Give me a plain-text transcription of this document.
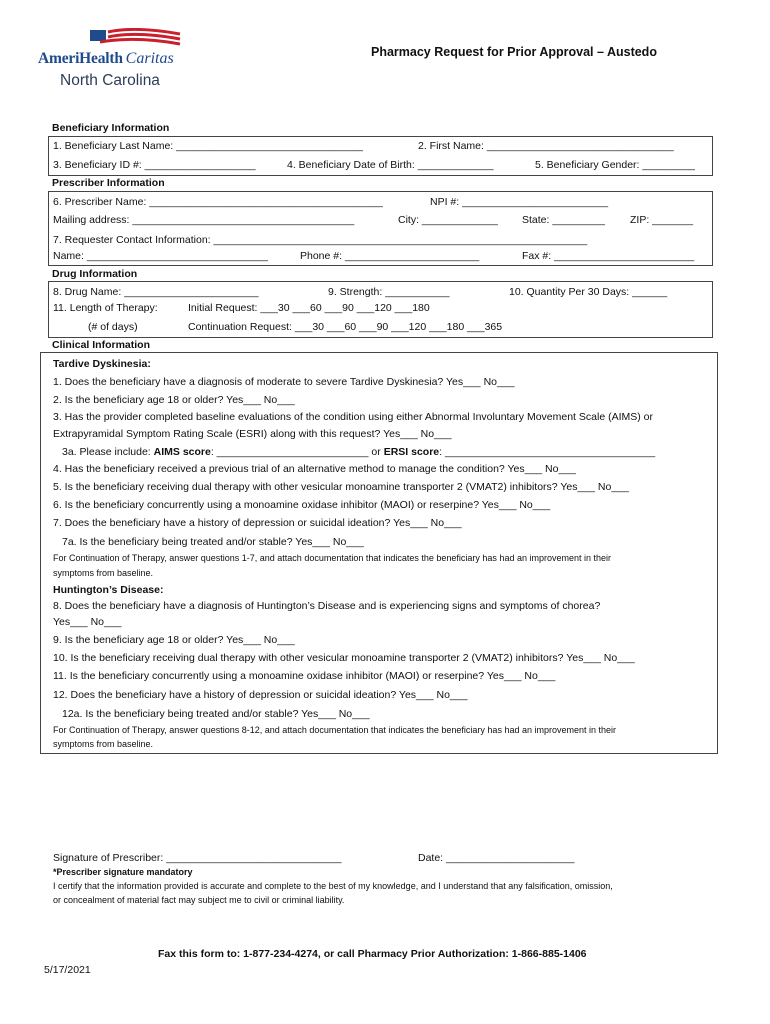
AmeriHealth Caritas
North Carolina
Pharmacy Request for Prior Approval – Austedo
Beneficiary Information
1. Beneficiary Last Name: ________________________________	2. First Name: ________________________________
3. Beneficiary ID #: ___________________	4. Beneficiary Date of Birth: _____________	5. Beneficiary Gender: _________
Prescriber Information
6. Prescriber Name: ________________________________________	NPI #: _________________________
Mailing address: ______________________________________	City: _____________ State: _________ ZIP: _______
7. Requester Contact Information: ________________________________________________________________
Name: _______________________________	Phone #: _______________________	Fax #: ________________________
Drug Information
8. Drug Name: _______________________	9. Strength: ___________	10. Quantity Per 30 Days: ______
11. Length of Therapy:	Initial Request: ___30 ___60 ___90 ___120 ___180
(# of days)	Continuation Request: ___30 ___60 ___90 ___120 ___180 ___365
Clinical Information
Tardive Dyskinesia:
1. Does the beneficiary have a diagnosis of moderate to severe Tardive Dyskinesia? Yes___ No___
2. Is the beneficiary age 18 or older? Yes___ No___
3. Has the provider completed baseline evaluations of the condition using either Abnormal Involuntary Movement Scale (AIMS) or
Extrapyramidal Symptom Rating Scale (ESRI) along with this request? Yes___ No___
3a. Please include: AIMS score: __________________________ or ERSI score: ____________________________________
4. Has the beneficiary received a previous trial of an alternative method to manage the condition? Yes___ No___
5. Is the beneficiary receiving dual therapy with other vesicular monoamine transporter 2 (VMAT2) inhibitors? Yes___ No___
6. Is the beneficiary concurrently using a monoamine oxidase inhibitor (MAOI) or reserpine? Yes___ No___
7. Does the beneficiary have a history of depression or suicidal ideation? Yes___ No___
7a. Is the beneficiary being treated and/or stable? Yes___ No___
For Continuation of Therapy, answer questions 1-7, and attach documentation that indicates the beneficiary has had an improvement in their
symptoms from baseline.
Huntington’s Disease:
8. Does the beneficiary have a diagnosis of Huntington’s Disease and is experiencing signs and symptoms of chorea?
Yes___ No___
9. Is the beneficiary age 18 or older? Yes___ No___
10. Is the beneficiary receiving dual therapy with other vesicular monoamine transporter 2 (VMAT2) inhibitors? Yes___ No___
11. Is the beneficiary concurrently using a monoamine oxidase inhibitor (MAOI) or reserpine? Yes___ No___
12. Does the beneficiary have a history of depression or suicidal ideation? Yes___ No___
12a. Is the beneficiary being treated and/or stable? Yes___ No___
For Continuation of Therapy, answer questions 8-12, and attach documentation that indicates the beneficiary has had an improvement in their
symptoms from baseline.
Signature of Prescriber: ______________________________	Date: ______________________
*Prescriber signature mandatory
I certify that the information provided is accurate and complete to the best of my knowledge, and I understand that any falsification, omission,
or concealment of material fact may subject me to civil or criminal liability.
Fax this form to: 1-877-234-4274, or call Pharmacy Prior Authorization: 1-866-885-1406
5/17/2021
